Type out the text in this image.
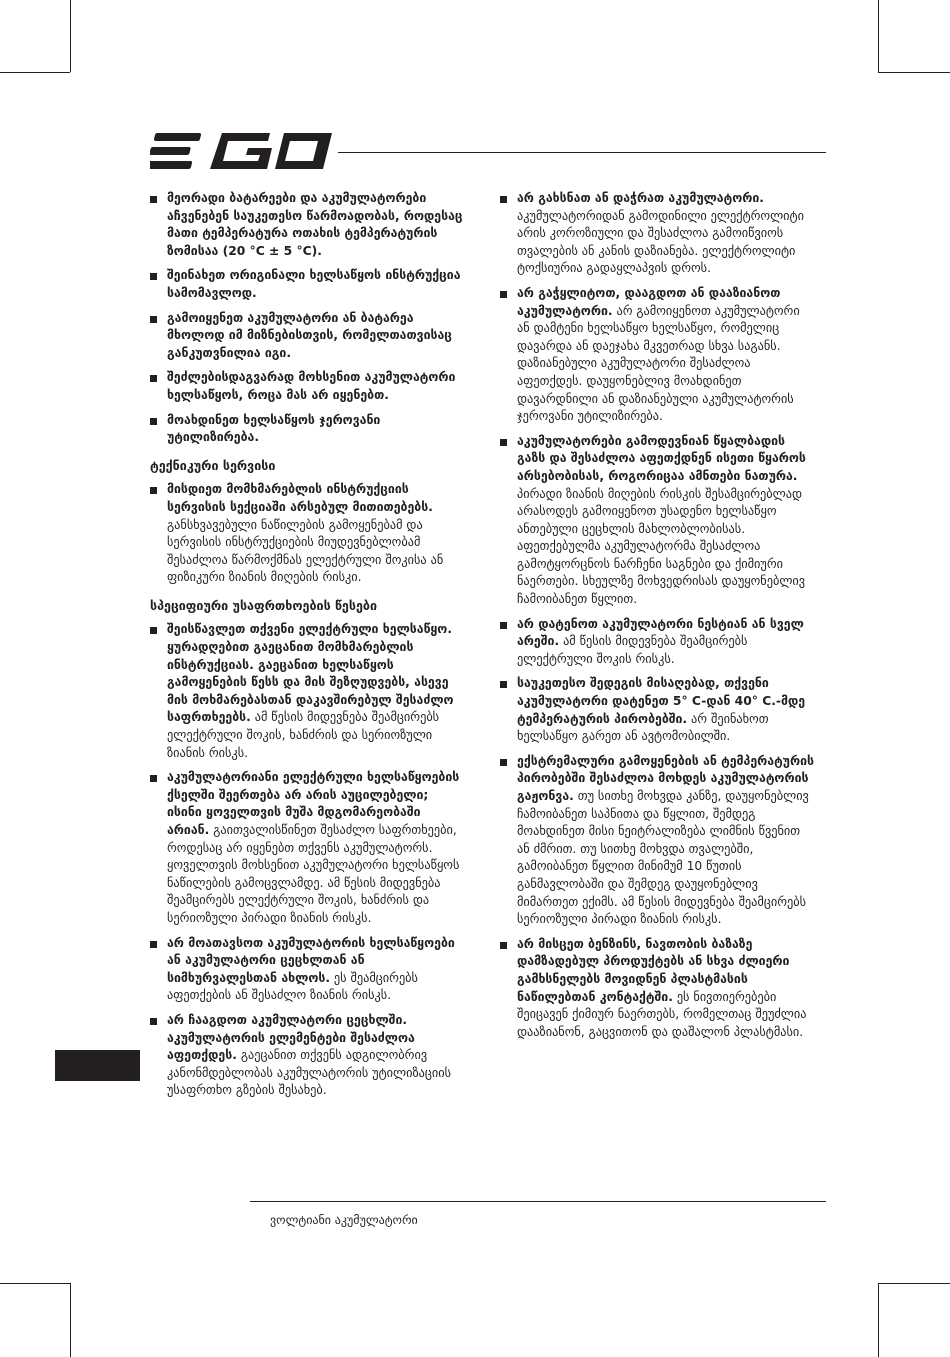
მეორადი ბატარეები და აკუმულატორები აჩვენებენ საუკეთესო წარმოადობას, როდესაც მათი ტემპერატურა ოთახის ტემპერატურის ზომისაა (20 °C ± 5 °C).
შეინახეთ ორიგინალი ხელსაწყოს ინსტრუქცია სამომავლოდ.
გამოიყენეთ აკუმულატორი ან ბატარეა მხოლოდ იმ მიზნებისთვის, რომელთათვისაც განკუთვნილია იგი.
შეძლებისდაგვარად მოხსენით აკუმულატორი ხელსაწყოს, როცა მას არ იყენებთ.
მოახდინეთ ხელსაწყოს ჯეროვანი უტილიზირება.
ტექნიკური სერვისი
მისდიეთ მომხმარებლის ინსტრუქციის სერვისის სექციაში არსებულ მითითებებს. განსხვავებული ნაწილების გამოყენებამ და სერვისის ინსტრუქციების მიუდევნებლობამ შესაძლოა წარმოქმნას ელექტრული შოკისა ან ფიზიკური ზიანის მიღების რისკი.
სპეციფიური უსაფრთხოების წესები
შეისწავლეთ თქვენი ელექტრული ხელსაწყო. ყურადღებით გაეცანით მომხმარებლის ინსტრუქციას. გაეცანით ხელსაწყოს გამოყენების წესს და მის შეზღუდვებს, ასევე მის მოხმარებასთან დაკავშირებულ შესაძლო საფრთხეებს. ამ წესის მიდევნება შეამცირებს ელექტრული შოკის, ხანძრის და სერიოზული ზიანის რისკს.
აკუმულატორიანი ელექტრული ხელსაწყოების ქსელში შეერთება არ არის აუცილებელი; ისინი ყოველთვის მუშა მდგომარეობაში არიან. გაითვალისწინეთ შესაძლო საფრთხეები, როდესაც არ იყენებთ თქვენს აკუმულატორს. ყოველთვის მოხსენით აკუმულატორი ხელსაწყოს ნაწილების გამოცვლამდე. ამ წესის მიდევნება შეამცირებს ელექტრული შოკის, ხანძრის და სერიოზული პირადი ზიანის რისკს.
არ მოათავსოთ აკუმულატორის ხელსაწყოები ან აკუმულატორი ცეცხლთან ან სიმხურვალესთან ახლოს. ეს შეამცირებს აფეთქების ან შესაძლო ზიანის რისკს.
არ ჩააგდოთ აკუმულატორი ცეცხლში. აკუმულატორის ელემენტები შესაძლოა აფეთქდეს. გაეცანით თქვენს ადგილობრივ კანონმდებლობას აკუმულატორის უტილიზაციის უსაფრთხო გზების შესახებ.
არ გახსნათ ან დაჭრათ აკუმულატორი. აკუმულატორიდან გამოდინილი ელექტროლიტი არის კოროზიული და შესაძლოა გამოიწვიოს თვალების ან კანის დაზიანება. ელექტროლიტი ტოქსიურია გადაყლაპვის დროს.
არ გაჭყლიტოთ, დააგდოთ ან დააზიანოთ აკუმულატორი. არ გამოიყენოთ აკუმულატორი ან დამტენი ხელსაწყო ხელსაწყო, რომელიც დავარდა ან დაეჯახა მკვეთრად სხვა საგანს. დაზიანებული აკუმულატორი შესაძლოა აფეთქდეს. დაუყონებლივ მოახდინეთ დავარდნილი ან დაზიანებული აკუმულატორის ჯეროვანი უტილიზირება.
აკუმულატორები გამოდევნიან წყალბადის გაზს და შესაძლოა აფეთქდნენ ისეთი წყაროს არსებობისას, როგორიცაა ამნთები ნათურა. პირადი ზიანის მიღების რისკის შესამცირებლად არასოდეს გამოიყენოთ უსადენო ხელსაწყო ანთებული ცეცხლის მახლობლობისას. აფეთქებულმა აკუმულატორმა შესაძლოა გამოტყორცნოს ნარჩენი საგნები და ქიმიური ნაერთები. სხეულზე მოხვედრისას დაუყონებლივ ჩამოიბანეთ წყლით.
არ დატენოთ აკუმულატორი ნესტიან ან სველ არეში. ამ წესის მიდევნება შეამცირებს ელექტრული შოკის რისკს.
საუკეთესო შედეგის მისაღებად, თქვენი აკუმულატორი დატენეთ 5° C-დან 40° C.-მდე ტემპერატურის პირობებში. არ შეინახოთ ხელსაწყო გარეთ ან ავტომობილში.
ექსტრემალური გამოყენების ან ტემპერატურის პირობებში შესაძლოა მოხდეს აკუმულატორის გაჟონვა. თუ სითხე მოხვდა კანზე, დაუყონებლივ ჩამოიბანეთ საპნითა და წყლით, შემდეგ მოახდინეთ მისი ნეიტრალიზება ლიმნის წვენით ან ძმრით. თუ სითხე მოხვდა თვალებში, გამოიბანეთ წყლით მინიმუმ 10 წუთის განმავლობაში და შემდეგ დაუყონებლივ მიმართეთ ექიმს. ამ წესის მიდევნება შეამცირებს სერიოზული პირადი ზიანის რისკს.
არ მისცეთ ბენზინს, ნავთობის ბაზაზე დამზადებულ პროდუქტებს ან სხვა ძლიერი გამხსნელებს მოვიდნენ პლასტმასის ნაწილებთან კონტაქტში. ეს ნივთიერებები შეიცავენ ქიმიურ ნაერთებს, რომელთაც შეუძლია დააზიანონ, გაცვითონ და დაშალონ პლასტმასი.
ვოლტიანი აკუმულატორი
